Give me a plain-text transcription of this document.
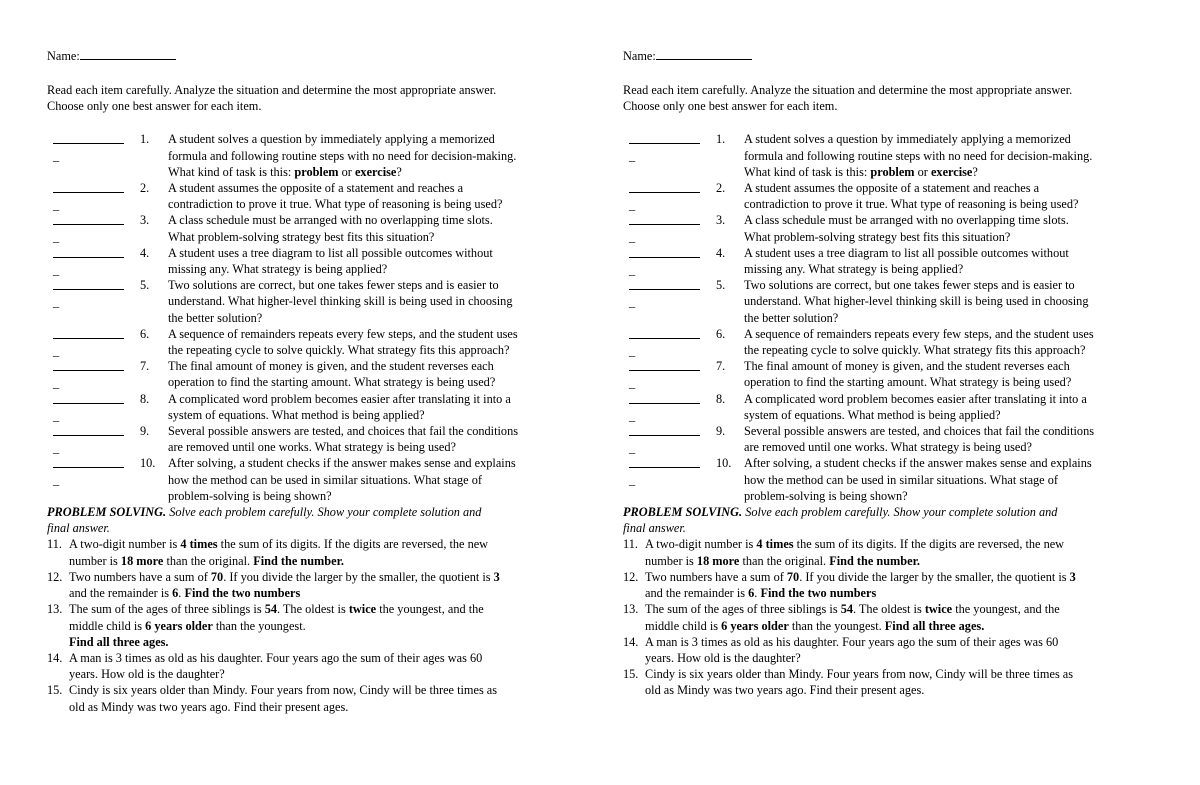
Name:
Read each item carefully. Analyze the situation and determine the most appropriate answer.
Choose only one best answer for each item.
_
1.	A student solves a question by immediately applying a memorized
formula and following routine steps with no need for decision-making.
What kind of task is this: problem or exercise?
_
2.	A student assumes the opposite of a statement and reaches a
contradiction to prove it true. What type of reasoning is being used?
_
3.	A class schedule must be arranged with no overlapping time slots.
What problem-solving strategy best fits this situation?
_
4.	A student uses a tree diagram to list all possible outcomes without
missing any. What strategy is being applied?
_
5.	Two solutions are correct, but one takes fewer steps and is easier to
understand. What higher-level thinking skill is being used in choosing
the better solution?
_
6.	A sequence of remainders repeats every few steps, and the student uses
the repeating cycle to solve quickly. What strategy fits this approach?
_
7.	The final amount of money is given, and the student reverses each
operation to find the starting amount. What strategy is being used?
_
8.	A complicated word problem becomes easier after translating it into a
system of equations. What method is being applied?
_
9.	Several possible answers are tested, and choices that fail the conditions
are removed until one works. What strategy is being used?
_
10.	After solving, a student checks if the answer makes sense and explains
how the method can be used in similar situations. What stage of
problem-solving is being shown?
PROBLEM SOLVING. Solve each problem carefully. Show your complete solution and
final answer.
11. A two-digit number is 4 times the sum of its digits. If the digits are reversed, the new
number is 18 more than the original. Find the number.
12. Two numbers have a sum of 70. If you divide the larger by the smaller, the quotient is 3
and the remainder is 6. Find the two numbers
13. The sum of the ages of three siblings is 54. The oldest is twice the youngest, and the
middle child is 6 years older than the youngest.
Find all three ages.
14. A man is 3 times as old as his daughter. Four years ago the sum of their ages was 60
years. How old is the daughter?
15. Cindy is six years older than Mindy. Four years from now, Cindy will be three times as
old as Mindy was two years ago. Find their present ages.
Name:
Read each item carefully. Analyze the situation and determine the most appropriate answer.
Choose only one best answer for each item.
_
1.	A student solves a question by immediately applying a memorized
formula and following routine steps with no need for decision-making.
What kind of task is this: problem or exercise?
_
2.	A student assumes the opposite of a statement and reaches a
contradiction to prove it true. What type of reasoning is being used?
_
3.	A class schedule must be arranged with no overlapping time slots.
What problem-solving strategy best fits this situation?
_
4.	A student uses a tree diagram to list all possible outcomes without
missing any. What strategy is being applied?
_
5.	Two solutions are correct, but one takes fewer steps and is easier to
understand. What higher-level thinking skill is being used in choosing
the better solution?
_
6.	A sequence of remainders repeats every few steps, and the student uses
the repeating cycle to solve quickly. What strategy fits this approach?
_
7.	The final amount of money is given, and the student reverses each
operation to find the starting amount. What strategy is being used?
_
8.	A complicated word problem becomes easier after translating it into a
system of equations. What method is being applied?
_
9.	Several possible answers are tested, and choices that fail the conditions
are removed until one works. What strategy is being used?
_
10.	After solving, a student checks if the answer makes sense and explains
how the method can be used in similar situations. What stage of
problem-solving is being shown?
PROBLEM SOLVING. Solve each problem carefully. Show your complete solution and
final answer.
11. A two-digit number is 4 times the sum of its digits. If the digits are reversed, the new
number is 18 more than the original. Find the number.
12. Two numbers have a sum of 70. If you divide the larger by the smaller, the quotient is 3
and the remainder is 6. Find the two numbers
13. The sum of the ages of three siblings is 54. The oldest is twice the youngest, and the
middle child is 6 years older than the youngest. Find all three ages.
14. A man is 3 times as old as his daughter. Four years ago the sum of their ages was 60
years. How old is the daughter?
15. Cindy is six years older than Mindy. Four years from now, Cindy will be three times as
old as Mindy was two years ago. Find their present ages.
